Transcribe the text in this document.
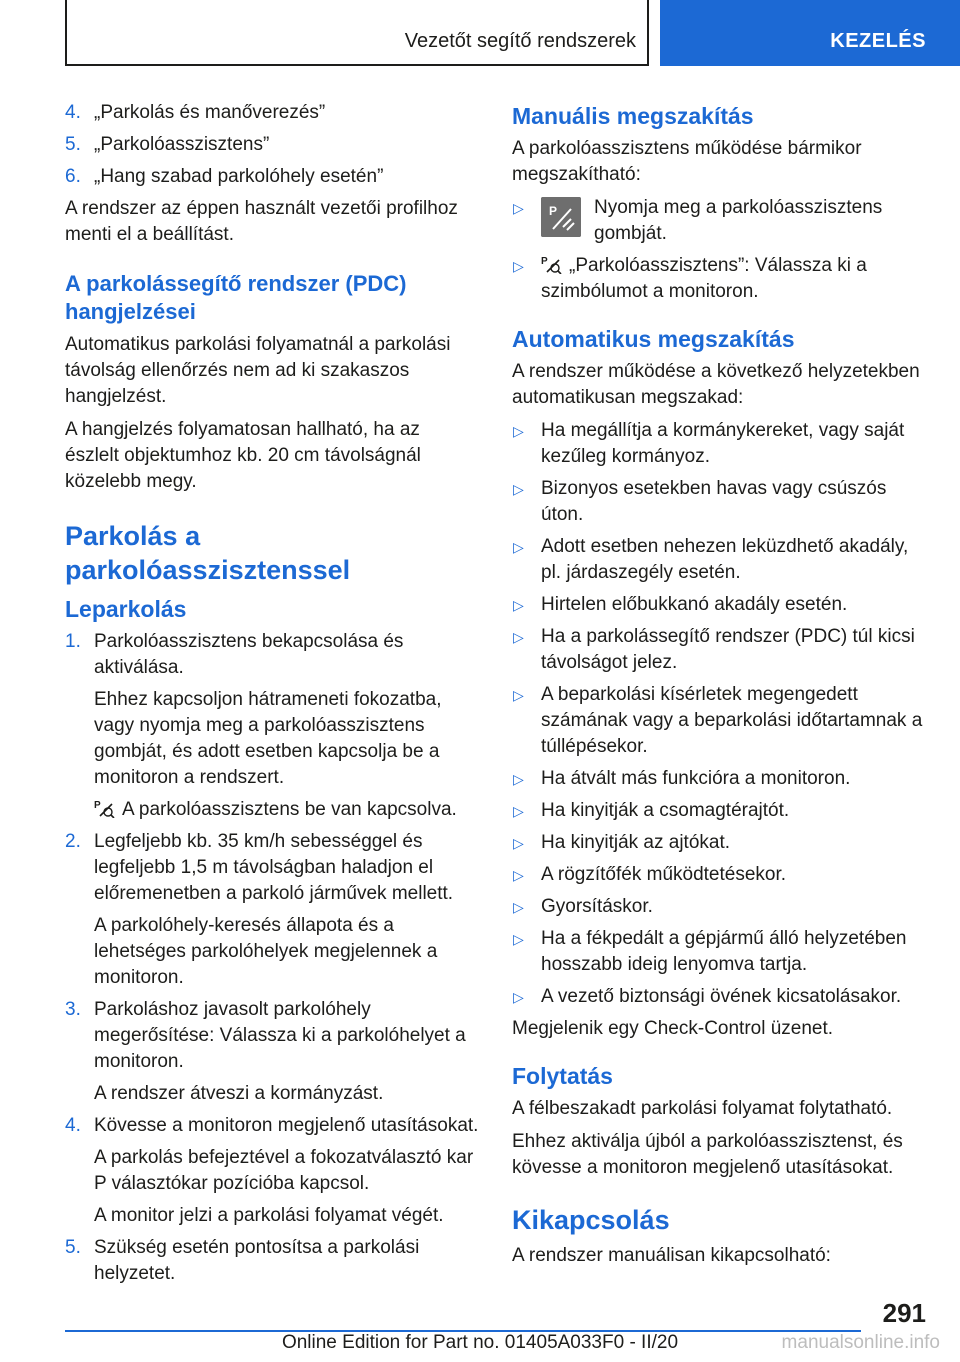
Vezetőt segítő rendszerek	KEZELÉS
4. „Parkolás és manőverezés”
5. „Parkolóasszisztens”
6. „Hang szabad parkolóhely esetén”

A rendszer az éppen használt vezetői profilhoz menti el a beállítást.

A parkolássegítő rendszer (PDC) hangjelzései

Automatikus parkolási folyamatnál a parkolási távolság ellenőrzés nem ad ki szakaszos hangjelzést.

A hangjelzés folyamatosan hallható, ha az észlelt objektumhoz kb. 20 cm távolságnál közelebb megy.

Parkolás a parkolóasszisztenssel
Leparkolás
1. Parkolóasszisztens bekapcsolása és aktiválása.
Ehhez kapcsoljon hátrameneti fokozatba, vagy nyomja meg a parkolóasszisztens gombját, és adott esetben kapcsolja be a monitoron a rendszert.
P A parkolóasszisztens be van kapcsolva.
2. Legfeljebb kb. 35 km/h sebességgel és legfeljebb 1,5 m távolságban haladjon el előremenetben a parkoló járművek mellett.
A parkolóhely-keresés állapota és a lehetséges parkolóhelyek megjelennek a monitoron.
3. Parkoláshoz javasolt parkolóhely megerősítése: Válassza ki a parkolóhelyet a monitoron.
A rendszer átveszi a kormányzást.
4. Kövesse a monitoron megjelenő utasításokat.
A parkolás befejeztével a fokozatválasztó kar P választókar pozícióba kapcsol.
A monitor jelzi a parkolási folyamat végét.
5. Szükség esetén pontosítsa a parkolási helyzetet.
Manuális megszakítás

A parkolóasszisztens működése bármikor megszakítható:

▷ P Nyomja meg a parkolóasszisztens gombját.
▷ P „Parkolóasszisztens”: Válassza ki a szimbólumot a monitoron.
Automatikus megszakítás

A rendszer működése a következő helyzetekben automatikusan megszakad:

▷ Ha megállítja a kormánykereket, vagy saját kezűleg kormányoz.
▷ Bizonyos esetekben havas vagy csúszós úton.
▷ Adott esetben nehezen leküzdhető akadály, pl. járdaszegély esetén.
▷ Hirtelen előbukkanó akadály esetén.
▷ Ha a parkolássegítő rendszer (PDC) túl kicsi távolságot jelez.
▷ A beparkolási kísérletek megengedett számának vagy a beparkolási időtartamnak a túllépésekor.
▷ Ha átvált más funkcióra a monitoron.
▷ Ha kinyitják a csomagtérajtót.
▷ Ha kinyitják az ajtókat.
▷ A rögzítőfék működtetésekor.
▷ Gyorsításkor.
▷ Ha a fékpedált a gépjármű álló helyzetében hosszabb ideig lenyomva tartja.
▷ A vezető biztonsági övének kicsatolásakor.

Megjelenik egy Check-Control üzenet.

Folytatás

A félbeszakadt parkolási folyamat folytatható.

Ehhez aktiválja újból a parkolóasszisztenst, és kövesse a monitoron megjelenő utasításokat.

Kikapcsolás

A rendszer manuálisan kikapcsolható:

291
Online Edition for Part no. 01405A033F0 - II/20	manualsonline.info
